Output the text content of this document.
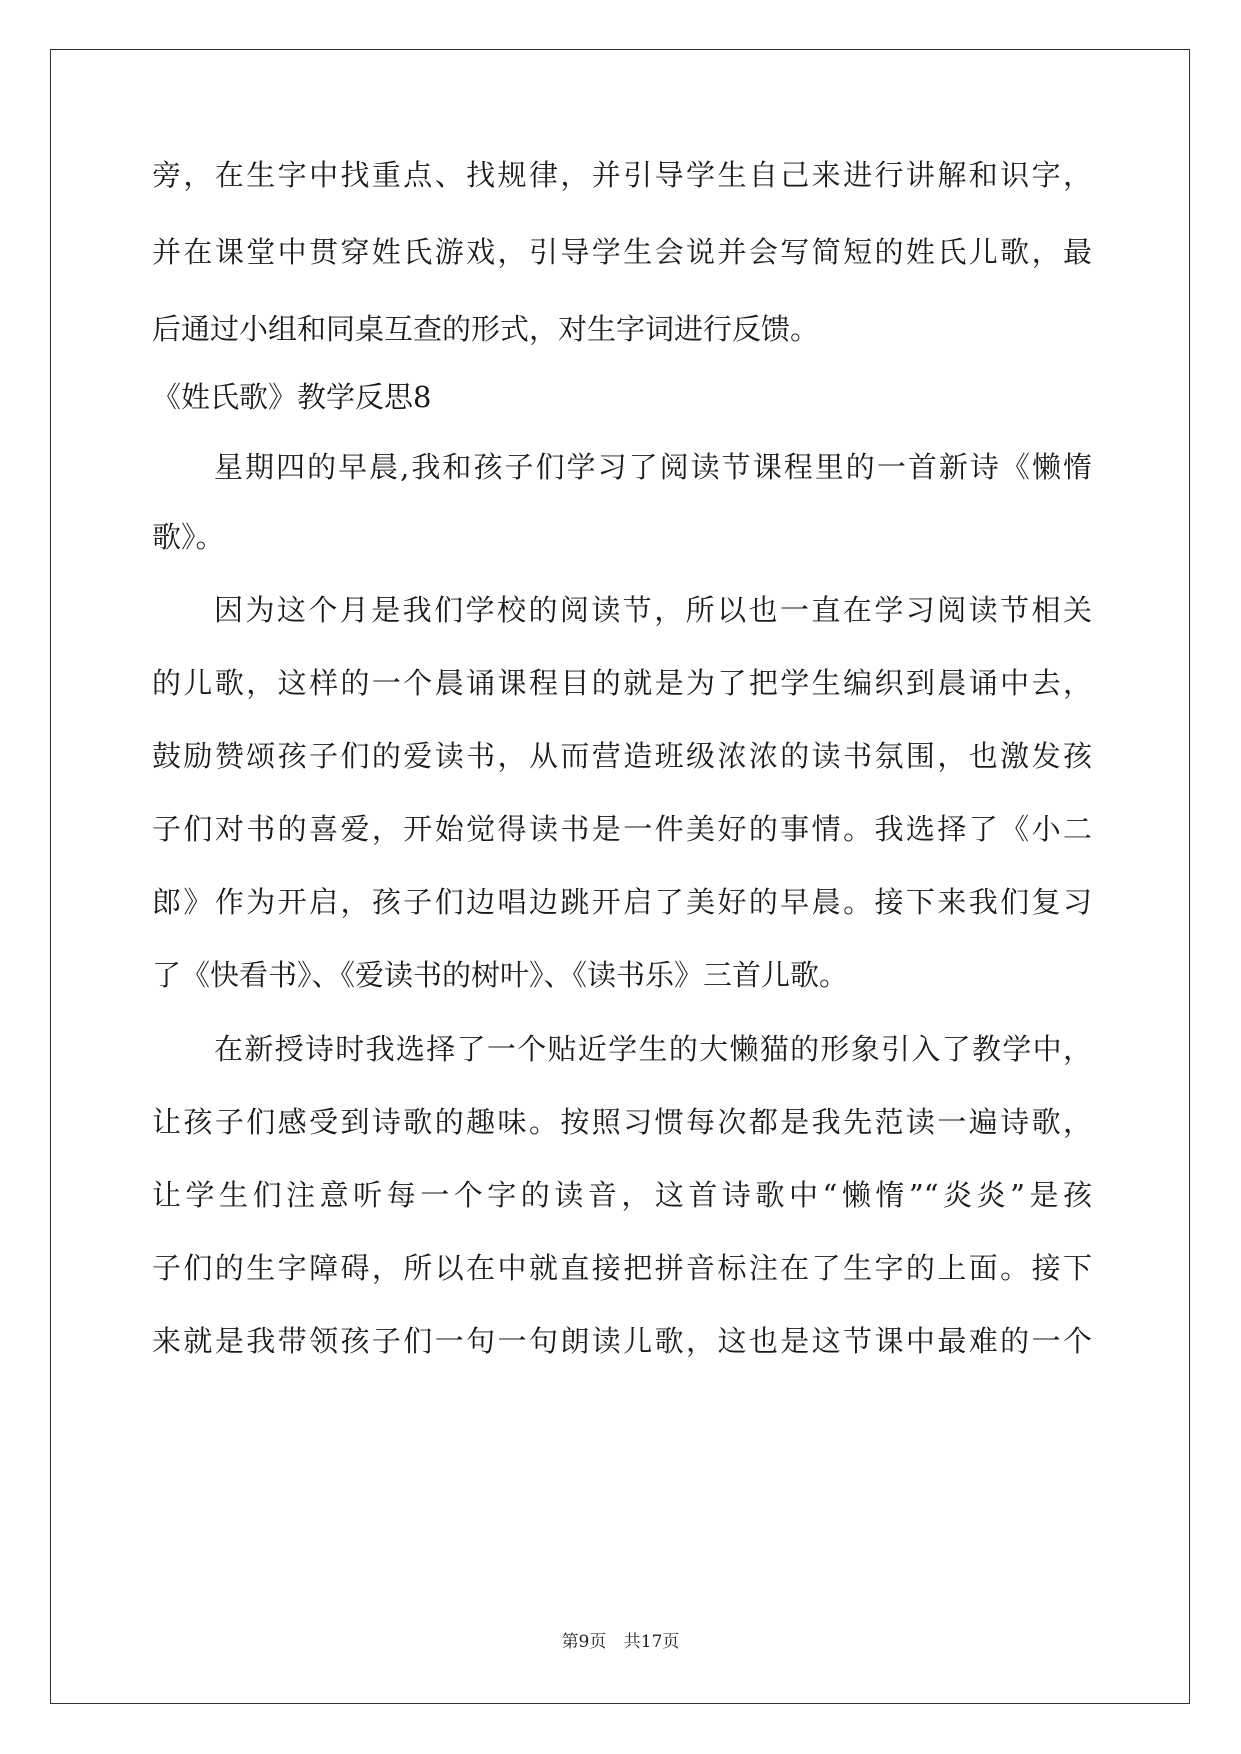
旁，在生字中找重点、找规律，并引导学生自己来进行讲解和识字，
并在课堂中贯穿姓氏游戏，引导学生会说并会写简短的姓氏儿歌，最
后通过小组和同桌互查的形式，对生字词进行反馈。
《姓氏歌》教学反思8
星期四的早晨,我和孩子们学习了阅读节课程里的一首新诗《懒惰
歌》。
因为这个月是我们学校的阅读节，所以也一直在学习阅读节相关
的儿歌，这样的一个晨诵课程目的就是为了把学生编织到晨诵中去，
鼓励赞颂孩子们的爱读书，从而营造班级浓浓的读书氛围，也激发孩
子们对书的喜爱，开始觉得读书是一件美好的事情。我选择了《小二
郎》作为开启，孩子们边唱边跳开启了美好的早晨。接下来我们复习
了《快看书》、《爱读书的树叶》、《读书乐》三首儿歌。
在新授诗时我选择了一个贴近学生的大懒猫的形象引入了教学中，
让孩子们感受到诗歌的趣味。按照习惯每次都是我先范读一遍诗歌，
让学生们注意听每一个字的读音，这首诗歌中“懒惰”“炎炎”是孩
子们的生字障碍，所以在中就直接把拼音标注在了生字的上面。接下
来就是我带领孩子们一句一句朗读儿歌，这也是这节课中最难的一个
第9页 共17页
